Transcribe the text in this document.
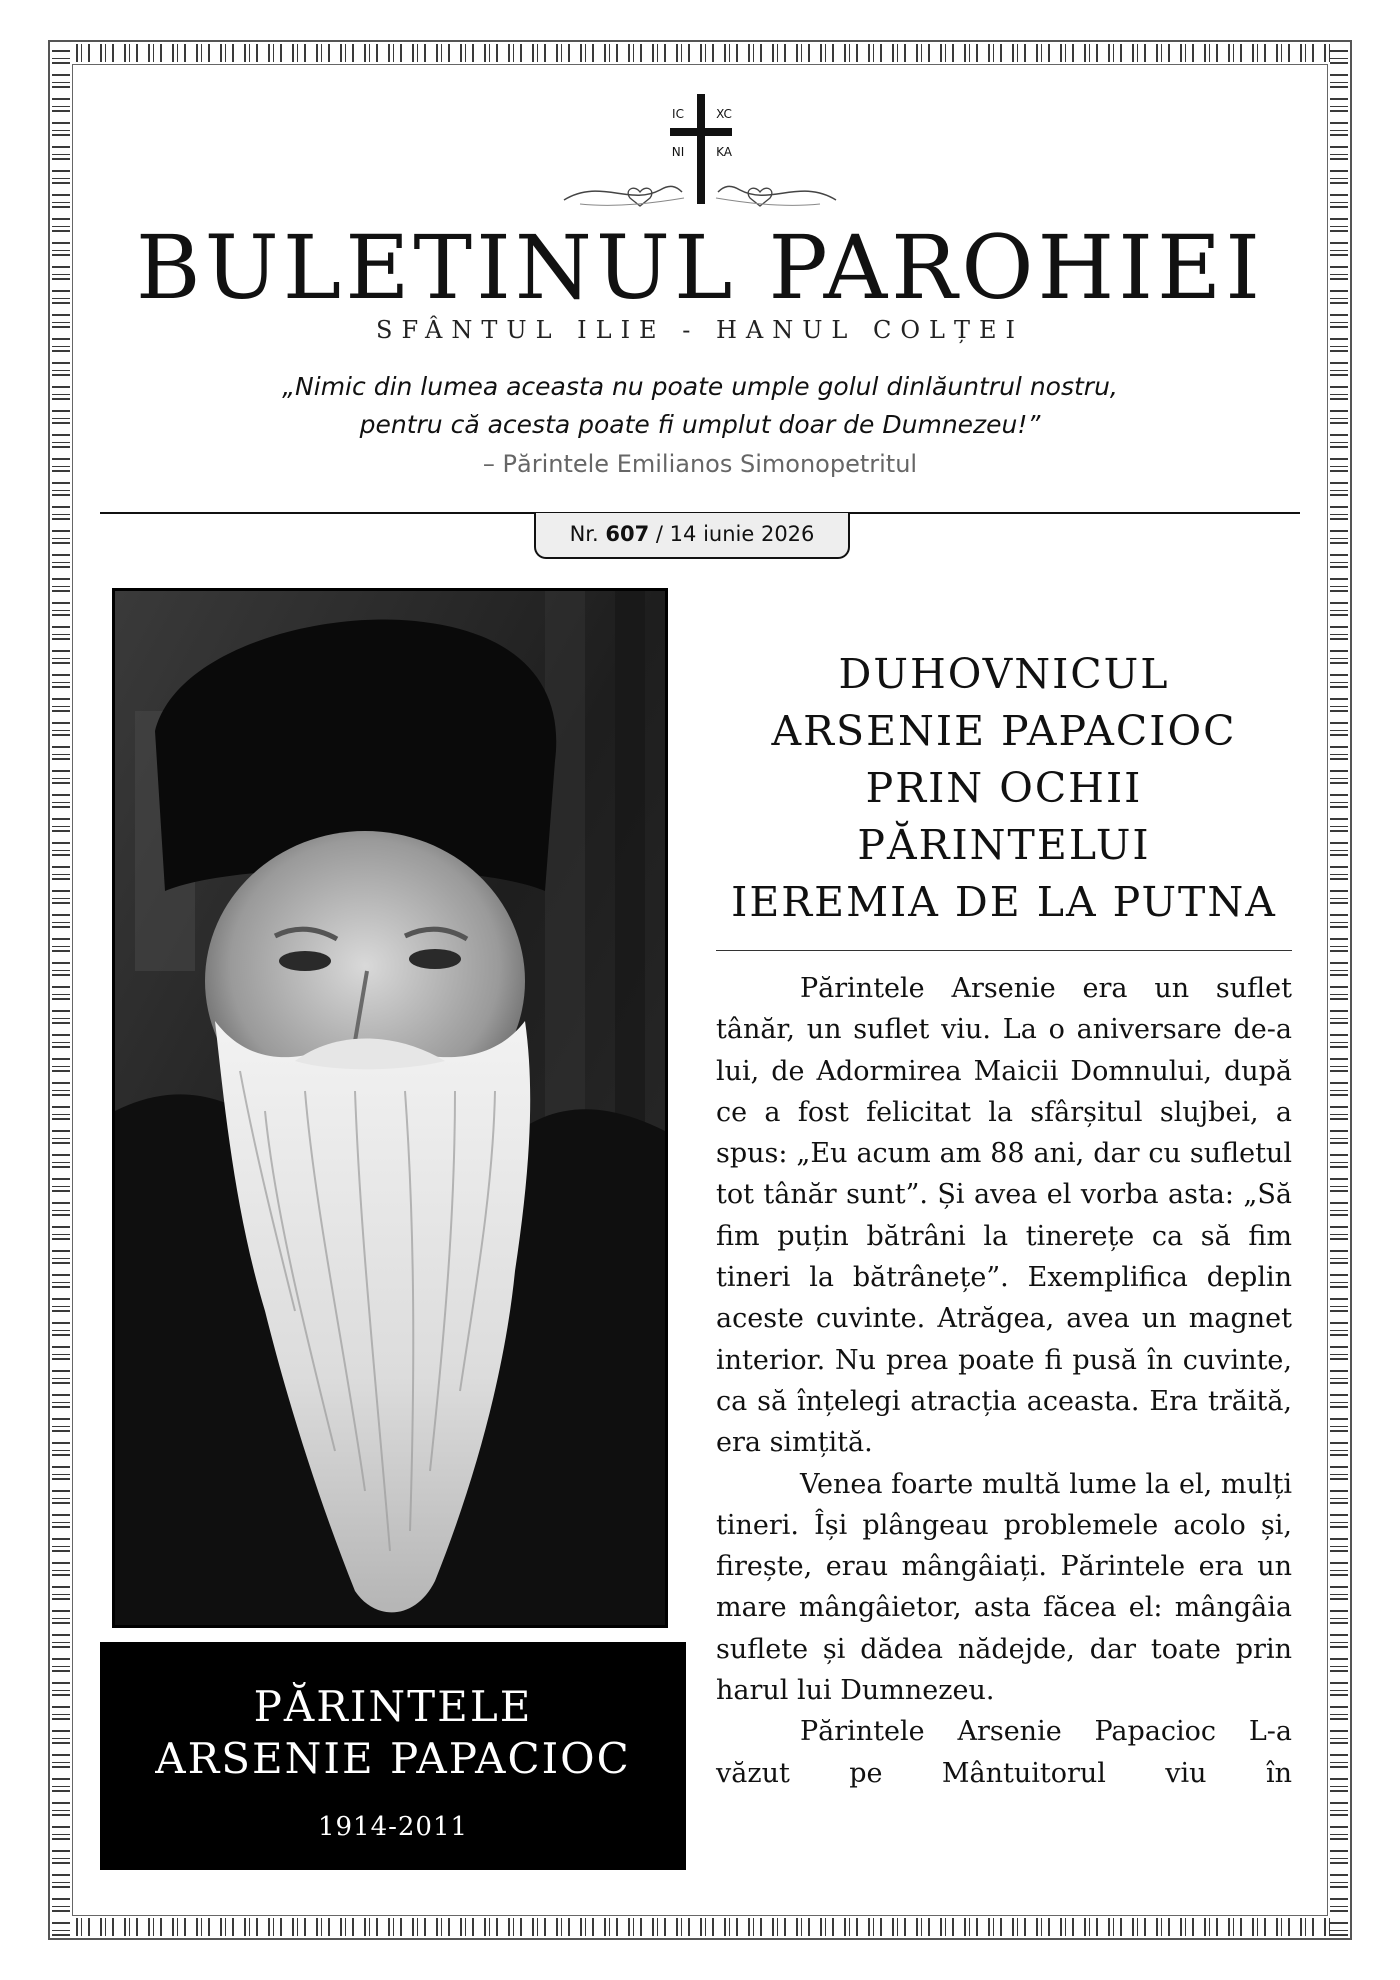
IC	XC
NI	KA
BULETINUL PAROHIEI
SFÂNTUL ILIE - HANUL COLȚEI
„Nimic din lumea aceasta nu poate umple golul dinlăuntrul nostru,
pentru că acesta poate fi umplut doar de Dumnezeu!”
– Părintele Emilianos Simonopetritul
Nr. 607 / 14 iunie 2026
PĂRINTELE
ARSENIE PAPACIOC
1914-2011
DUHOVNICUL
ARSENIE PAPACIOC
PRIN OCHII
PĂRINTELUI
IEREMIA DE LA PUTNA

Părintele Arsenie era un suflet tânăr, un suflet viu. La o aniversare de-a lui, de Adormirea Maicii Domnului, după ce a fost felicitat la sfârșitul slujbei, a spus: „Eu acum am 88 ani, dar cu sufletul tot tânăr sunt”. Și avea el vorba asta: „Să fim puțin bătrâni la tinerețe ca să fim tineri la bătrânețe”. Exemplifica deplin aceste cuvinte. Atrăgea, avea un magnet interior. Nu prea poate fi pusă în cuvinte, ca să înțelegi atracția aceasta. Era trăită, era simțită.

Venea foarte multă lume la el, mulți tineri. Își plângeau problemele acolo și, firește, erau mângâiați. Părintele era un mare mângâietor, asta făcea el: mângâia suflete și dădea nădejde, dar toate prin harul lui Dumnezeu.

Părintele Arsenie Papacioc L-a văzut pe Mântuitorul viu în
